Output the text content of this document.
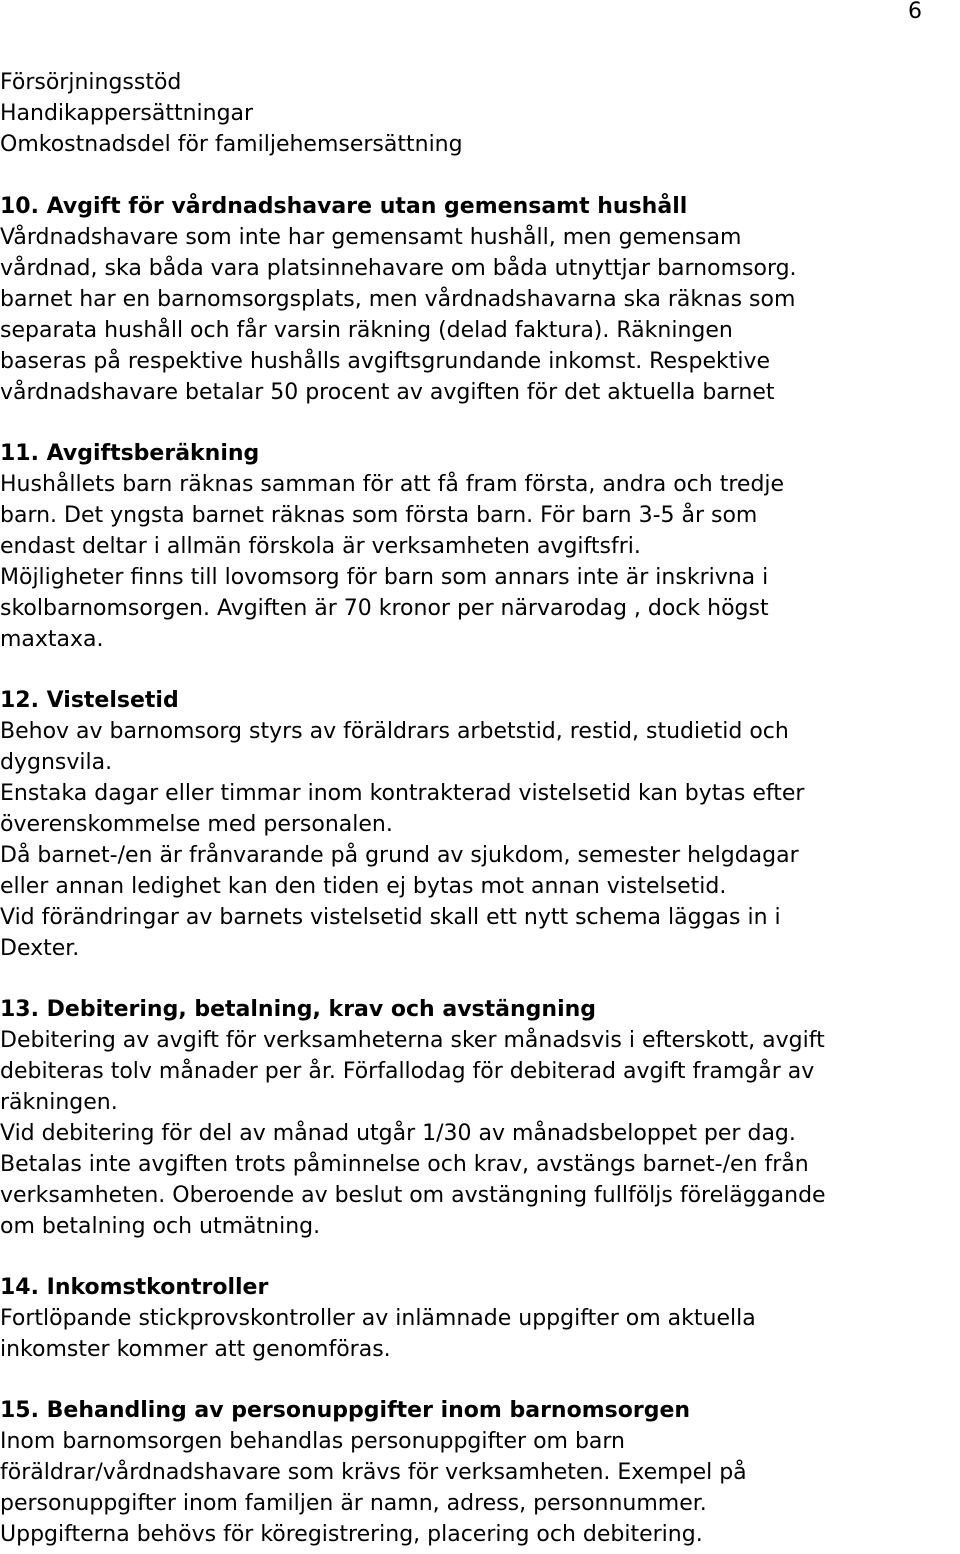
6
Försörjningsstöd
Handikappersättningar
Omkostnadsdel för familjehemsersättning
10. Avgift för vårdnadshavare utan gemensamt hushåll
Vårdnadshavare som inte har gemensamt hushåll, men gemensam
vårdnad, ska båda vara platsinnehavare om båda utnyttjar barnomsorg.
barnet har en barnomsorgsplats, men vårdnadshavarna ska räknas som
separata hushåll och får varsin räkning (delad faktura). Räkningen
baseras på respektive hushålls avgiftsgrundande inkomst. Respektive
vårdnadshavare betalar 50 procent av avgiften för det aktuella barnet
11. Avgiftsberäkning
Hushållets barn räknas samman för att få fram första, andra och tredje
barn. Det yngsta barnet räknas som första barn. För barn 3-5 år som
endast deltar i allmän förskola är verksamheten avgiftsfri.
Möjligheter finns till lovomsorg för barn som annars inte är inskrivna i
skolbarnomsorgen. Avgiften är 70 kronor per närvarodag , dock högst
maxtaxa.
12. Vistelsetid
Behov av barnomsorg styrs av föräldrars arbetstid, restid, studietid och
dygnsvila.
Enstaka dagar eller timmar inom kontrakterad vistelsetid kan bytas efter
överenskommelse med personalen.
Då barnet-/en är frånvarande på grund av sjukdom, semester helgdagar
eller annan ledighet kan den tiden ej bytas mot annan vistelsetid.
Vid förändringar av barnets vistelsetid skall ett nytt schema läggas in i
Dexter.
13. Debitering, betalning, krav och avstängning
Debitering av avgift för verksamheterna sker månadsvis i efterskott, avgift
debiteras tolv månader per år. Förfallodag för debiterad avgift framgår av
räkningen.
Vid debitering för del av månad utgår 1/30 av månadsbeloppet per dag.
Betalas inte avgiften trots påminnelse och krav, avstängs barnet-/en från
verksamheten. Oberoende av beslut om avstängning fullföljs föreläggande
om betalning och utmätning.
14. Inkomstkontroller
Fortlöpande stickprovskontroller av inlämnade uppgifter om aktuella
inkomster kommer att genomföras.
15. Behandling av personuppgifter inom barnomsorgen
Inom barnomsorgen behandlas personuppgifter om barn
föräldrar/vårdnadshavare som krävs för verksamheten. Exempel på
personuppgifter inom familjen är namn, adress, personnummer.
Uppgifterna behövs för köregistrering, placering och debitering.
